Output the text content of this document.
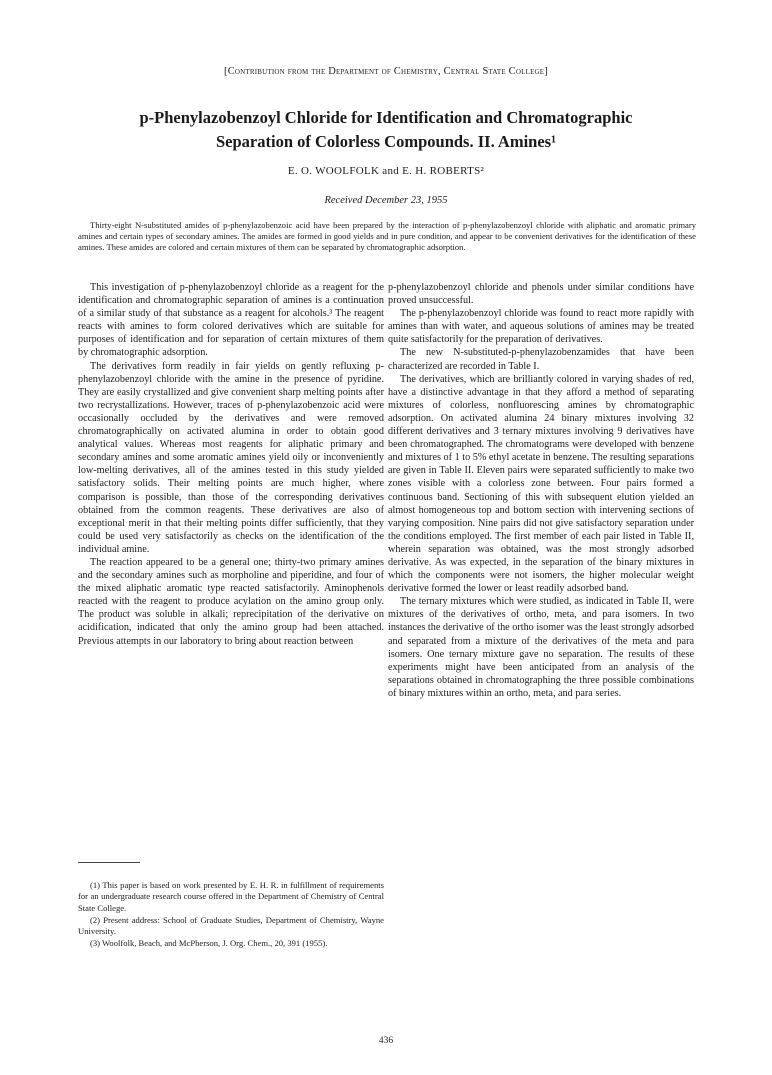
[Contribution from the Department of Chemistry, Central State College]
p-Phenylazobenzoyl Chloride for Identification and Chromatographic
Separation of Colorless Compounds. II. Amines¹
E. O. WOOLFOLK and E. H. ROBERTS²
Received December 23, 1955
Thirty-eight N-substituted amides of p-phenylazobenzoic acid have been prepared by the interaction of p-phenylazobenzoyl chloride with aliphatic and aromatic primary amines and certain types of secondary amines. The amides are formed in good yields and in pure condition, and appear to be convenient derivatives for the identification of these amines. These amides are colored and certain mixtures of them can be separated by chromatographic adsorption.

This investigation of p-phenylazobenzoyl chloride as a reagent for the identification and chromatographic separation of amines is a continuation of a similar study of that substance as a reagent for alcohols.³ The reagent reacts with amines to form colored derivatives which are suitable for purposes of identification and for separation of certain mixtures of them by chromatographic adsorption.

The derivatives form readily in fair yields on gently refluxing p-phenylazobenzoyl chloride with the amine in the presence of pyridine. They are easily crystallized and give convenient sharp melting points after two recrystallizations. However, traces of p-phenylazobenzoic acid were occasionally occluded by the derivatives and were removed chromatographically on activated alumina in order to obtain good analytical values. Whereas most reagents for aliphatic primary and secondary amines and some aromatic amines yield oily or inconveniently low-melting derivatives, all of the amines tested in this study yielded satisfactory solids. Their melting points are much higher, where comparison is possible, than those of the corresponding derivatives obtained from the common reagents. These derivatives are also of exceptional merit in that their melting points differ sufficiently, that they could be used very satisfactorily as checks on the identification of the individual amine.

The reaction appeared to be a general one; thirty-two primary amines and the secondary amines such as morpholine and piperidine, and four of the mixed aliphatic aromatic type reacted satisfactorily. Aminophenols reacted with the reagent to produce acylation on the amino group only. The product was soluble in alkali; reprecipitation of the derivative on acidification, indicated that only the amino group had been attached. Previous attempts in our laboratory to bring about reaction between

p-phenylazobenzoyl chloride and phenols under similar conditions have proved unsuccessful.

The p-phenylazobenzoyl chloride was found to react more rapidly with amines than with water, and aqueous solutions of amines may be treated quite satisfactorily for the preparation of derivatives.

The new N-substituted-p-phenylazobenzamides that have been characterized are recorded in Table I.

The derivatives, which are brilliantly colored in varying shades of red, have a distinctive advantage in that they afford a method of separating mixtures of colorless, nonfluorescing amines by chromatographic adsorption. On activated alumina 24 binary mixtures involving 32 different derivatives and 3 ternary mixtures involving 9 derivatives have been chromatographed. The chromatograms were developed with benzene and mixtures of 1 to 5% ethyl acetate in benzene. The resulting separations are given in Table II. Eleven pairs were separated sufficiently to make two zones visible with a colorless zone between. Four pairs formed a continuous band. Sectioning of this with subsequent elution yielded an almost homogeneous top and bottom section with intervening sections of varying composition. Nine pairs did not give satisfactory separation under the conditions employed. The first member of each pair listed in Table II, wherein separation was obtained, was the most strongly adsorbed derivative. As was expected, in the separation of the binary mixtures in which the components were not isomers, the higher molecular weight derivative formed the lower or least readily adsorbed band.

The ternary mixtures which were studied, as indicated in Table II, were mixtures of the derivatives of ortho, meta, and para isomers. In two instances the derivative of the ortho isomer was the least strongly adsorbed and separated from a mixture of the derivatives of the meta and para isomers. One ternary mixture gave no separation. The results of these experiments might have been anticipated from an analysis of the separations obtained in chromatographing the three possible combinations of binary mixtures within an ortho, meta, and para series.

(1) This paper is based on work presented by E. H. R. in fulfillment of requirements for an undergraduate research course offered in the Department of Chemistry of Central State College.

(2) Present address: School of Graduate Studies, Department of Chemistry, Wayne University.

(3) Woolfolk, Beach, and McPherson, J. Org. Chem., 20, 391 (1955).

436
